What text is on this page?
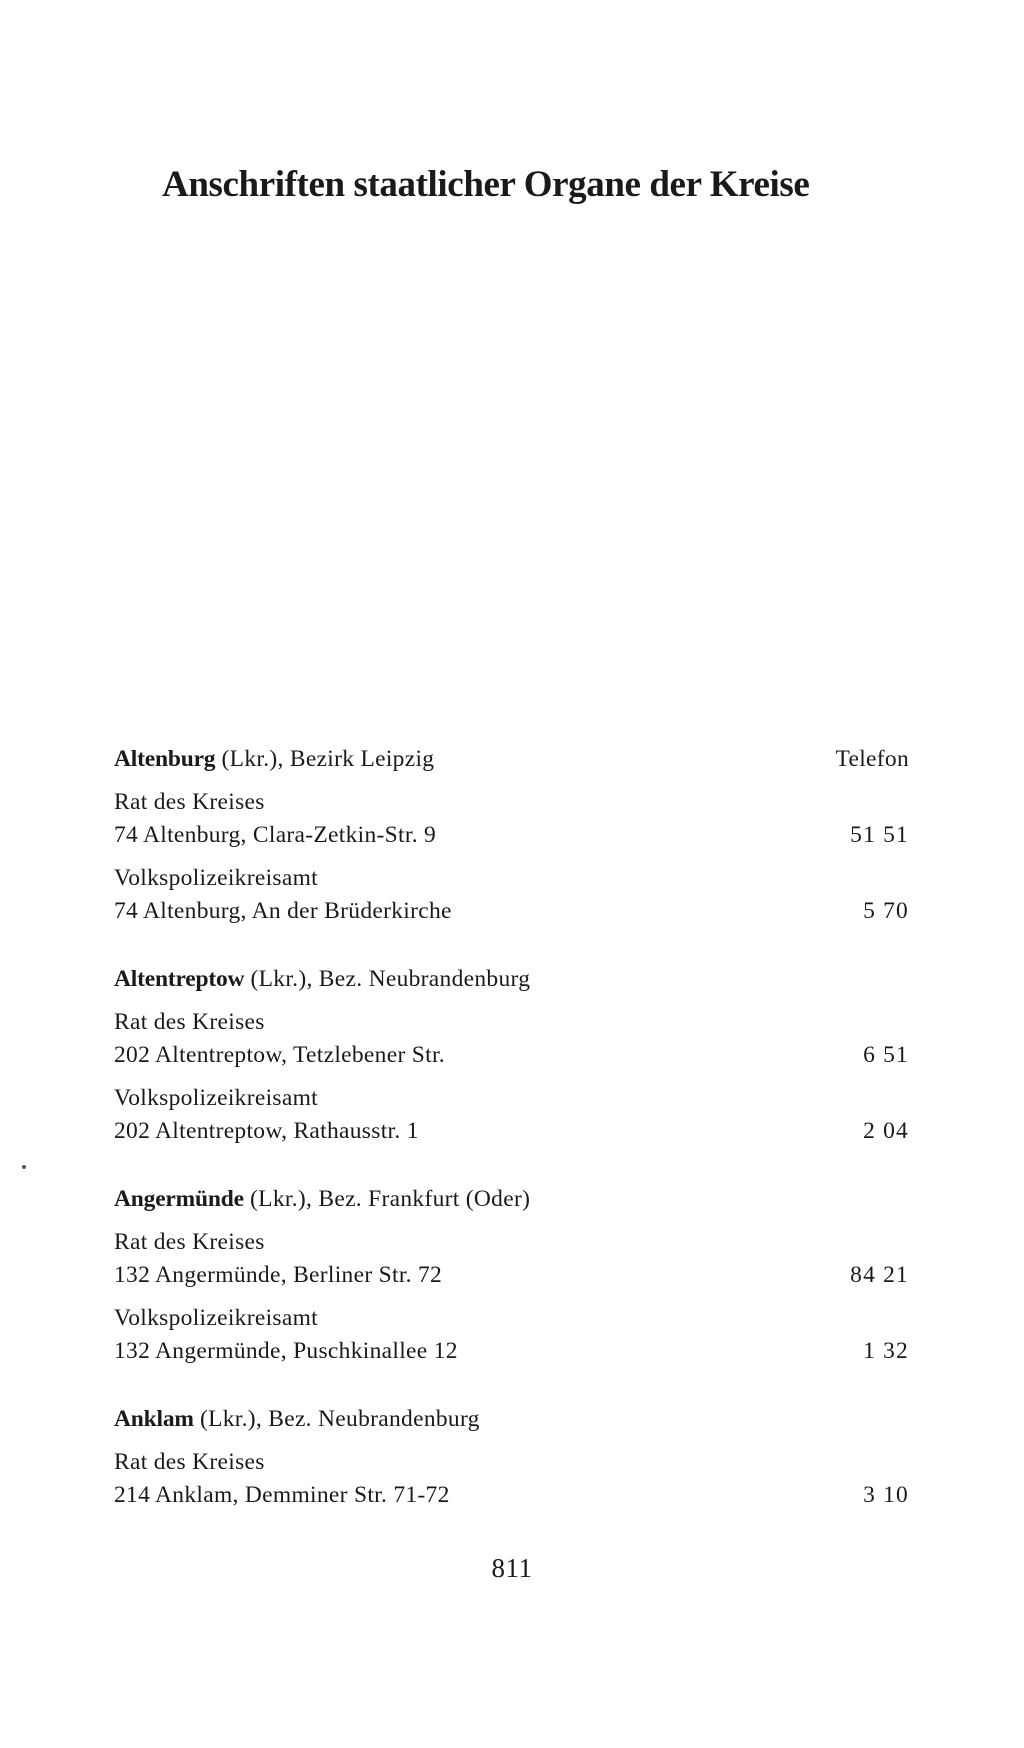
Anschriften staatlicher Organe der Kreise
Altenburg (Lkr.), Bezirk Leipzig	Telefon
Rat des Kreises
74 Altenburg, Clara-Zetkin-Str. 9	51 51
Volkspolizeikreisamt
74 Altenburg, An der Brüderkirche	5 70
Altentreptow (Lkr.), Bez. Neubrandenburg
Rat des Kreises
202 Altentreptow, Tetzlebener Str.	6 51
Volkspolizeikreisamt
202 Altentreptow, Rathausstr. 1	2 04
Angermünde (Lkr.), Bez. Frankfurt (Oder)
Rat des Kreises
132 Angermünde, Berliner Str. 72	84 21
Volkspolizeikreisamt
132 Angermünde, Puschkinallee 12	1 32
Anklam (Lkr.), Bez. Neubrandenburg
Rat des Kreises
214 Anklam, Demminer Str. 71-72	3 10
811
